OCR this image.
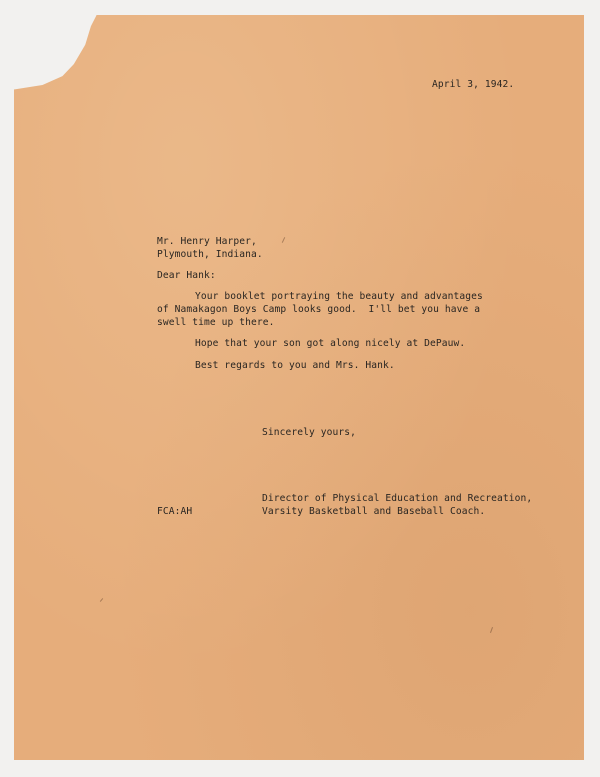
April 3, 1942.

Mr. Henry Harper,

Plymouth, Indiana.

Dear Hank:

Your booklet portraying the beauty and advantages

of Namakagon Boys Camp looks good.  I'll bet you have a

swell time up there.

Hope that your son got along nicely at DePauw.

Best regards to you and Mrs. Hank.

Sincerely yours,

Director of Physical Education and Recreation,

Varsity Basketball and Baseball Coach.

FCA:AH
